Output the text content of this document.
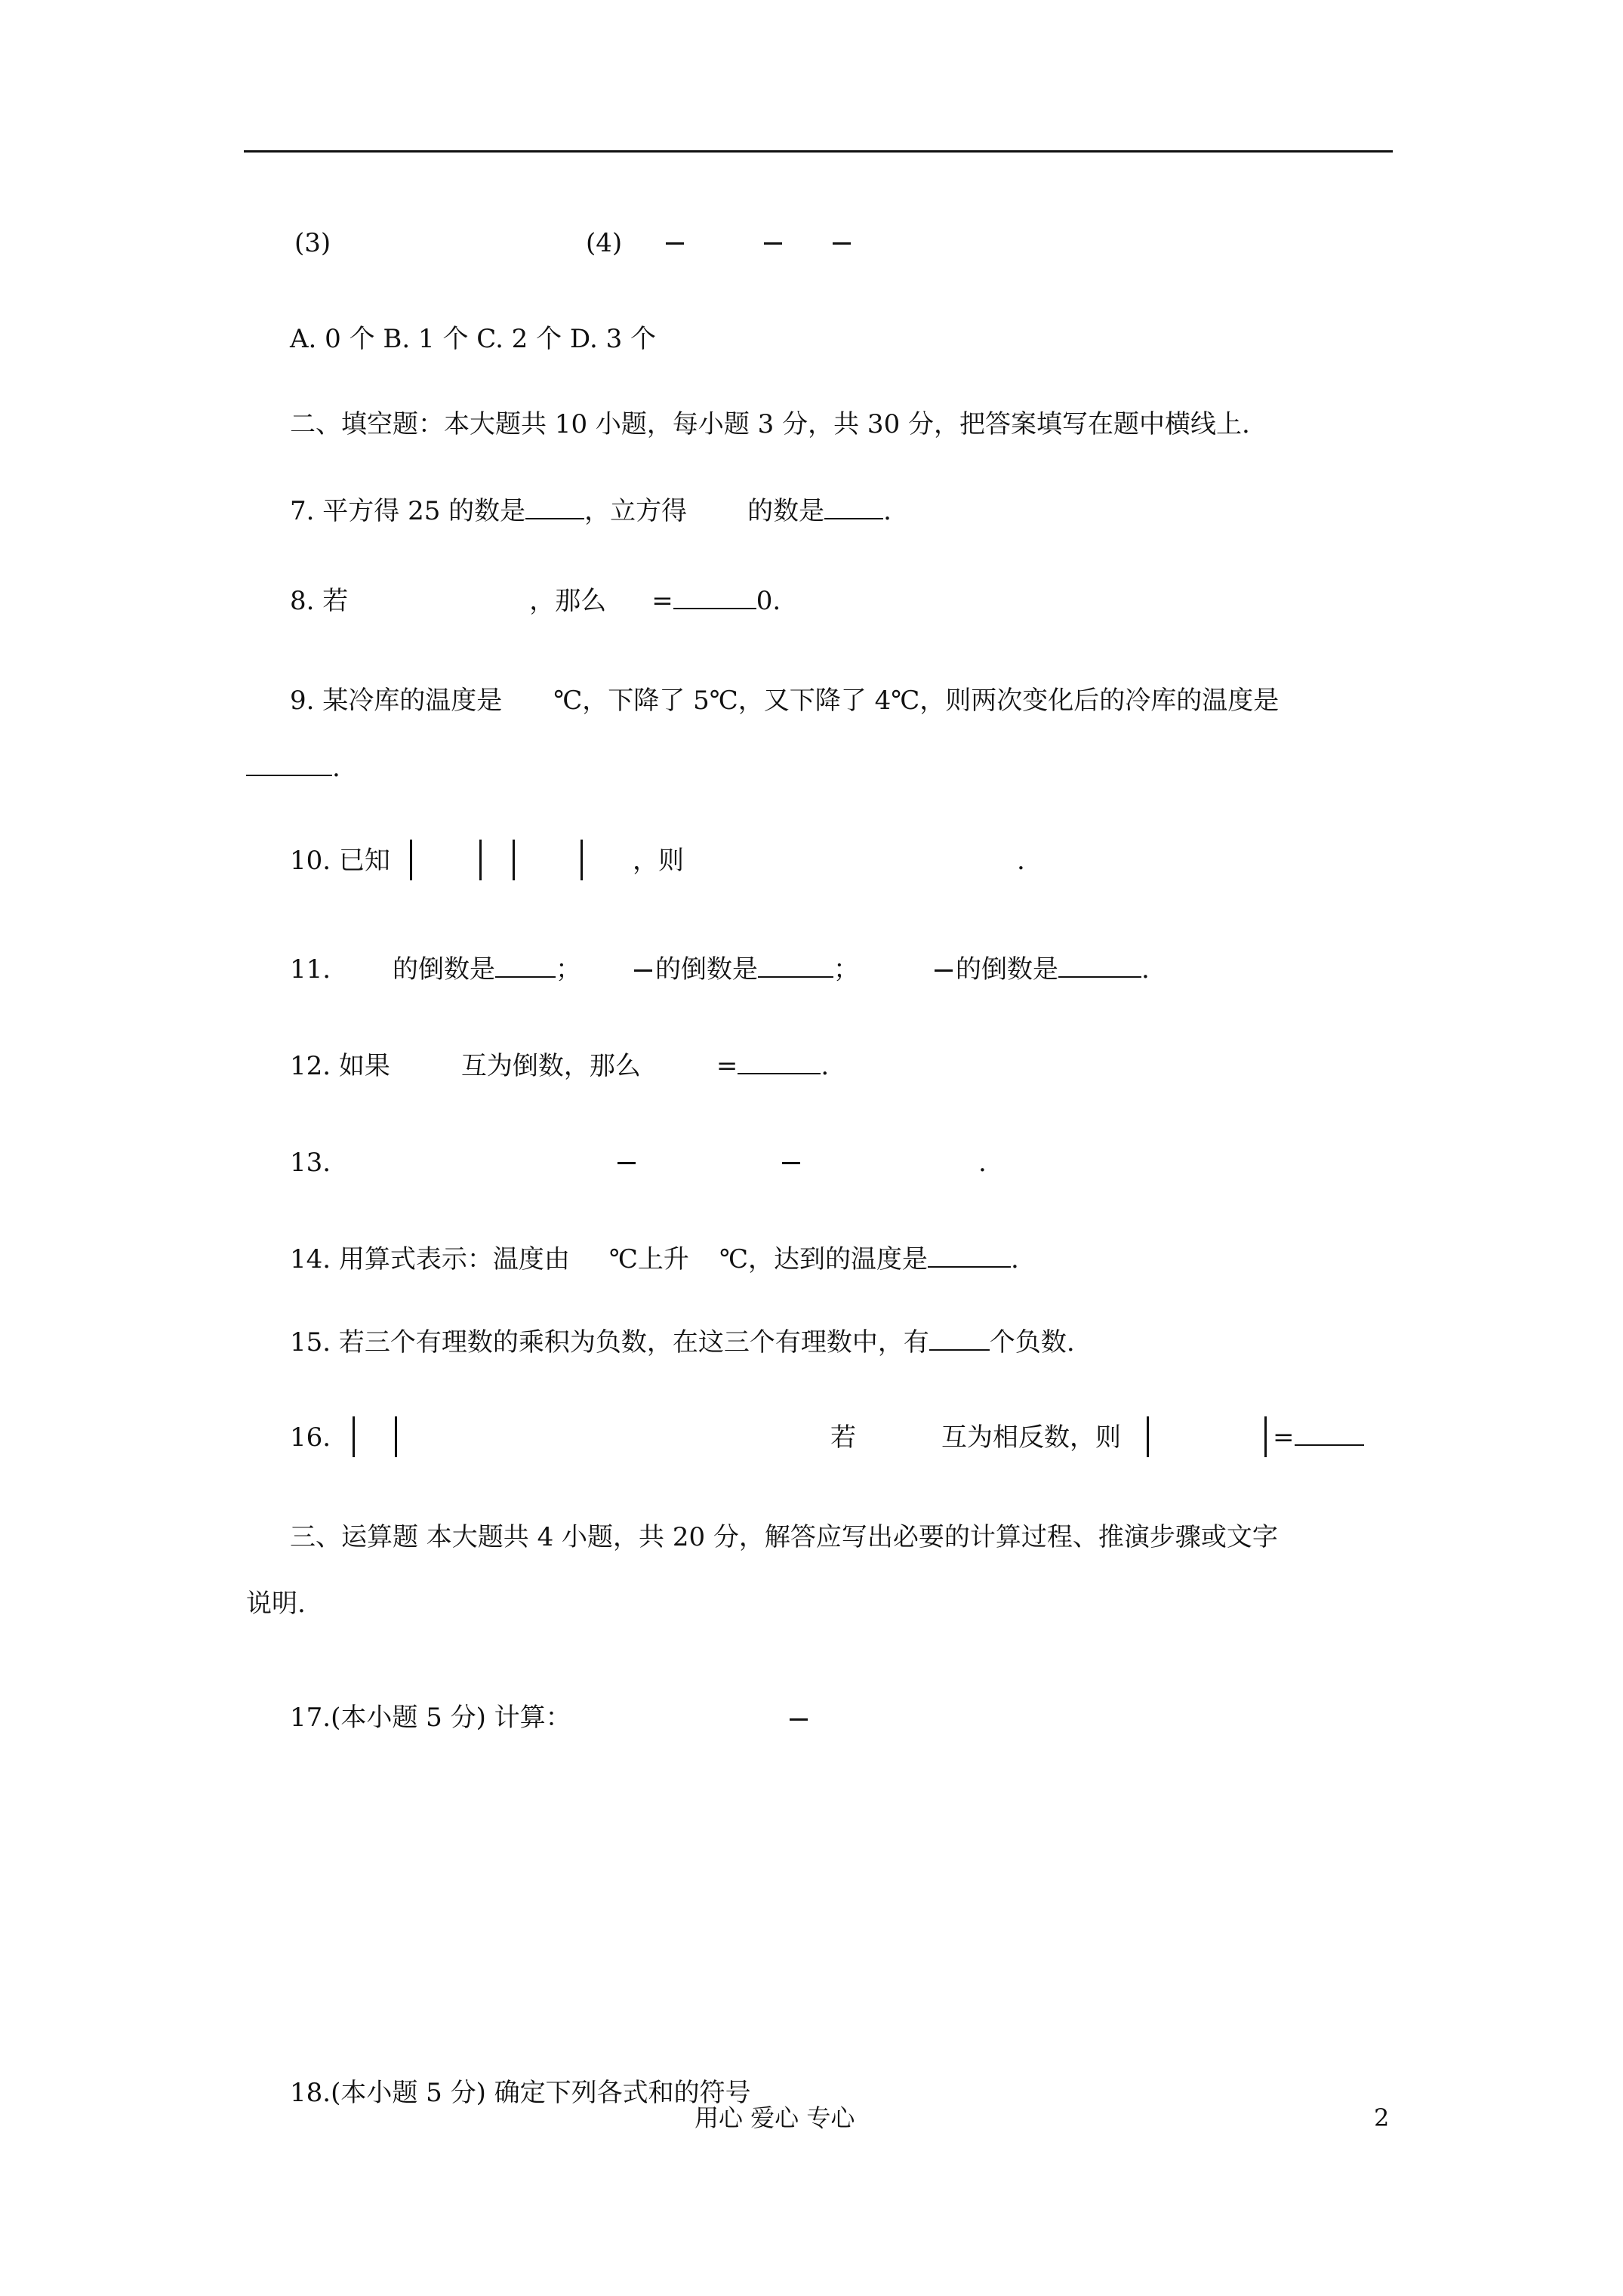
(3)	(4)
A. 0 个 B. 1 个 C. 2 个 D. 3 个
二、填空题：本大题共 10 小题，每小题 3 分，共 30 分，把答案填写在题中横线上.
7. 平方得 25 的数是 ，立方得 的数是 .
8. 若	，那么 =	0.
9. 某冷库的温度是 ℃，下降了 5℃，又下降了 4℃，则两次变化后的冷库的温度是
.
10. 已知	，则	.
11. 的倒数是 ；	的倒数是	；	的倒数是	.
12. 如果	互为倒数，那么	=	.
13.	.
14. 用算式表示：温度由 ℃上升 ℃，达到的温度是	.
15. 若三个有理数的乘积为负数，在这三个有理数中，有 个负数.
16.	若	互为相反数，则	=
三、运算题 本大题共 4 小题，共 20 分，解答应写出必要的计算过程、推演步骤或文字
说明.
17.(本小题 5 分) 计算：
18.(本小题 5 分) 确定下列各式和的符号
用心 爱心 专心	2
